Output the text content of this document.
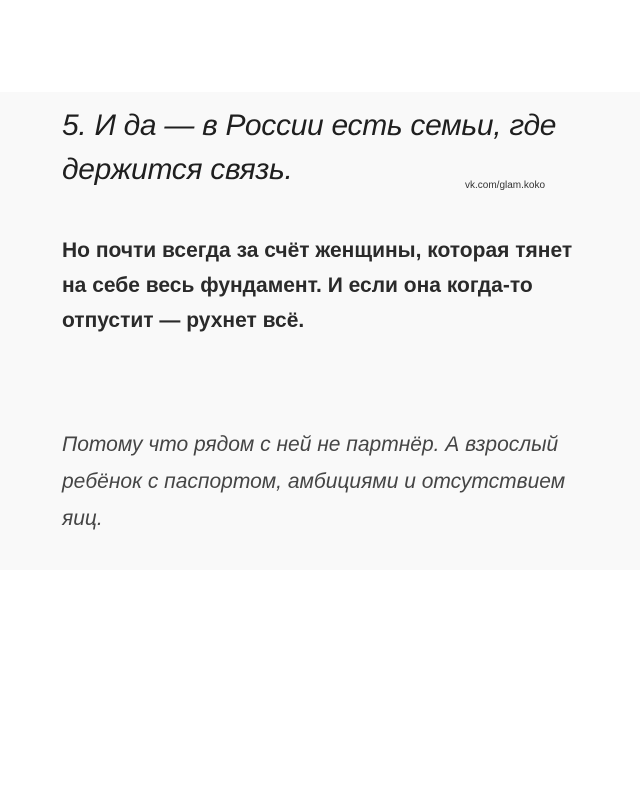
5. И да — в России есть семьи, где держится связь.	vk.com/glam.koko

Но почти всегда за счёт женщины, которая тянет на себе весь фундамент. И если она когда-то отпустит — рухнет всё.

Потому что рядом с ней не партнёр. А взрослый ребёнок с паспортом, амбициями и отсутствием яиц.
